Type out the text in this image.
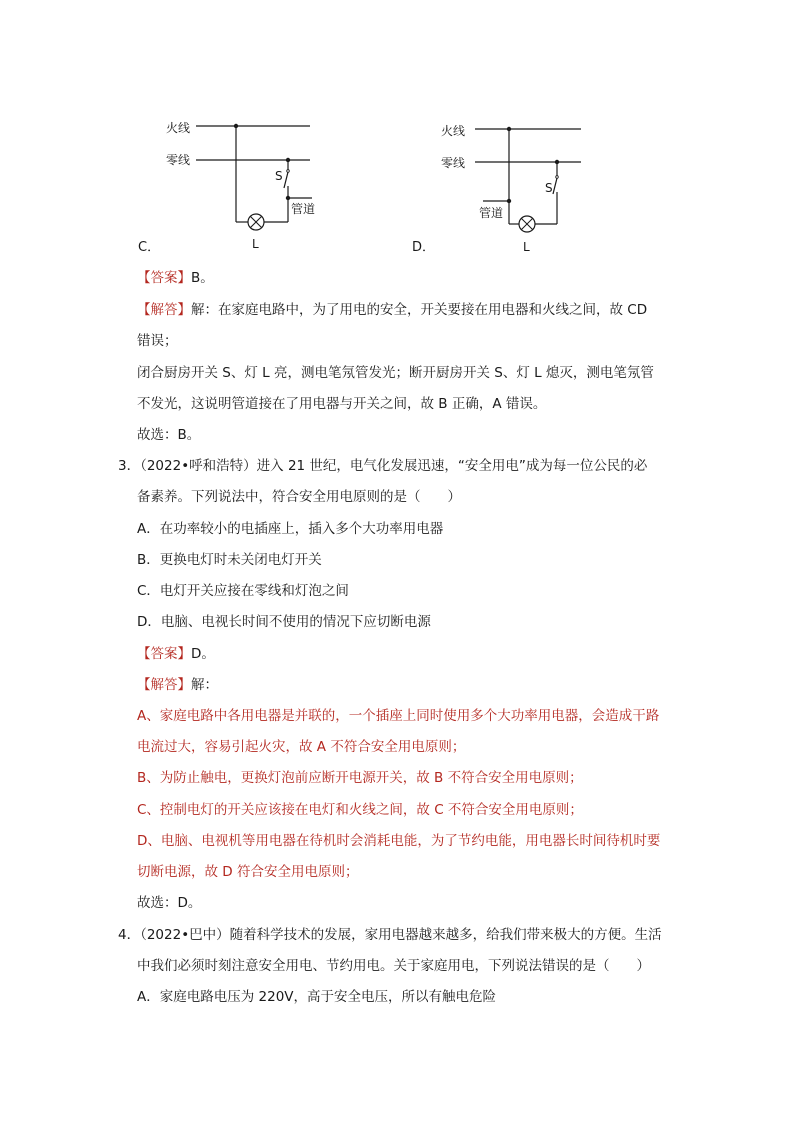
火线
零线
S
管道
L
C．
火线
零线
管道
S
L
D．
【答案】B。
【解答】解：在家庭电路中，为了用电的安全，开关要接在用电器和火线之间，故 CD
错误；
闭合厨房开关 S、灯 L 亮，测电笔氖管发光；断开厨房开关 S、灯 L 熄灭，测电笔氖管
不发光，这说明管道接在了用电器与开关之间，故 B 正确，A 错误。
故选：B。
3．（2022•呼和浩特）进入 21 世纪，电气化发展迅速，“安全用电”成为每一位公民的必
备素养。下列说法中，符合安全用电原则的是（　　）
A．在功率较小的电插座上，插入多个大功率用电器
B．更换电灯时未关闭电灯开关
C．电灯开关应接在零线和灯泡之间
D．电脑、电视长时间不使用的情况下应切断电源
【答案】D。
【解答】解：
A、家庭电路中各用电器是并联的，一个插座上同时使用多个大功率用电器，会造成干路
电流过大，容易引起火灾，故 A 不符合安全用电原则；
B、为防止触电，更换灯泡前应断开电源开关，故 B 不符合安全用电原则；
C、控制电灯的开关应该接在电灯和火线之间，故 C 不符合安全用电原则；
D、电脑、电视机等用电器在待机时会消耗电能，为了节约电能，用电器长时间待机时要
切断电源，故 D 符合安全用电原则；
故选：D。
4．（2022•巴中）随着科学技术的发展，家用电器越来越多，给我们带来极大的方便。生活
中我们必须时刻注意安全用电、节约用电。关于家庭用电，下列说法错误的是（　　）
A．家庭电路电压为 220V，高于安全电压，所以有触电危险
